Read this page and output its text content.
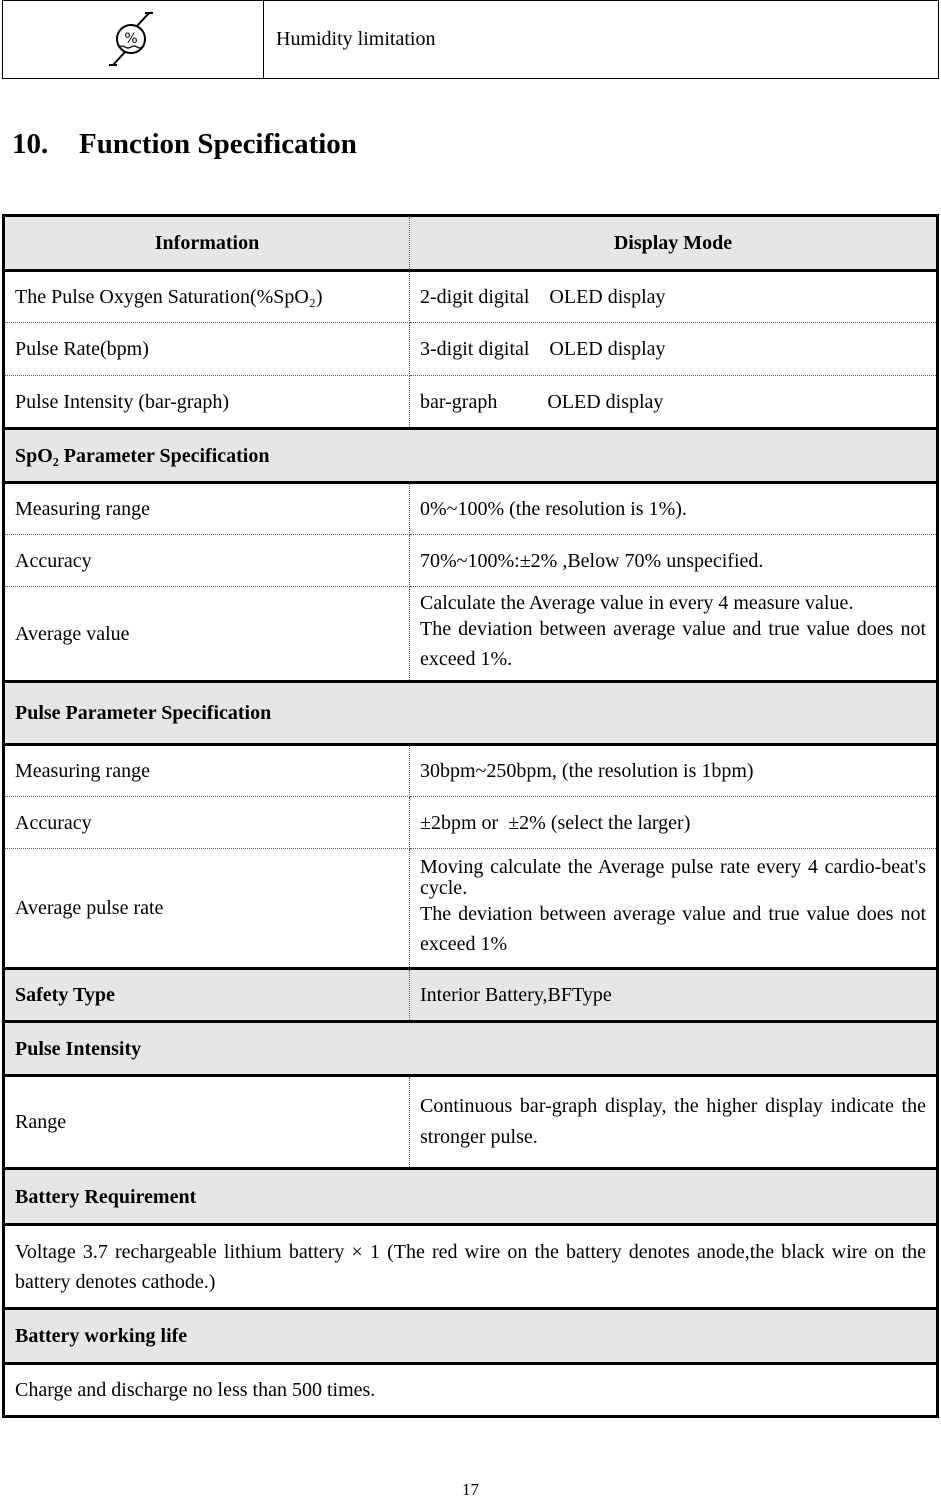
%	Humidity limitation
10.	Function Specification
Information	Display Mode
The Pulse Oxygen Saturation(%SpO₂)	2-digit digital    OLED display
Pulse Rate(bpm)	3-digit digital    OLED display
Pulse Intensity (bar-graph)	bar-graph          OLED display
SpO₂ Parameter Specification	
Measuring range	0%~100% (the resolution is 1%).
Accuracy	70%~100%:±2% ,Below 70% unspecified.
Average value	Calculate the Average value in every 4 measure value.

The deviation between average value and true value does not exceed 1%.

Pulse Parameter Specification	
Measuring range	30bpm~250bpm, (the resolution is 1bpm)
Accuracy	±2bpm or  ±2% (select the larger)
Average pulse rate	Moving calculate the Average pulse rate every 4 cardio-beat's cycle.

The deviation between average value and true value does not exceed 1%

Safety Type	Interior Battery,BFType
Pulse Intensity	
Range	Continuous bar-graph display, the higher display indicate the stronger pulse.
Battery Requirement	
Voltage 3.7 rechargeable lithium battery × 1 (The red wire on the battery denotes anode,the black wire on the battery denotes cathode.)	
Battery working life	
Charge and discharge no less than 500 times.	
17
